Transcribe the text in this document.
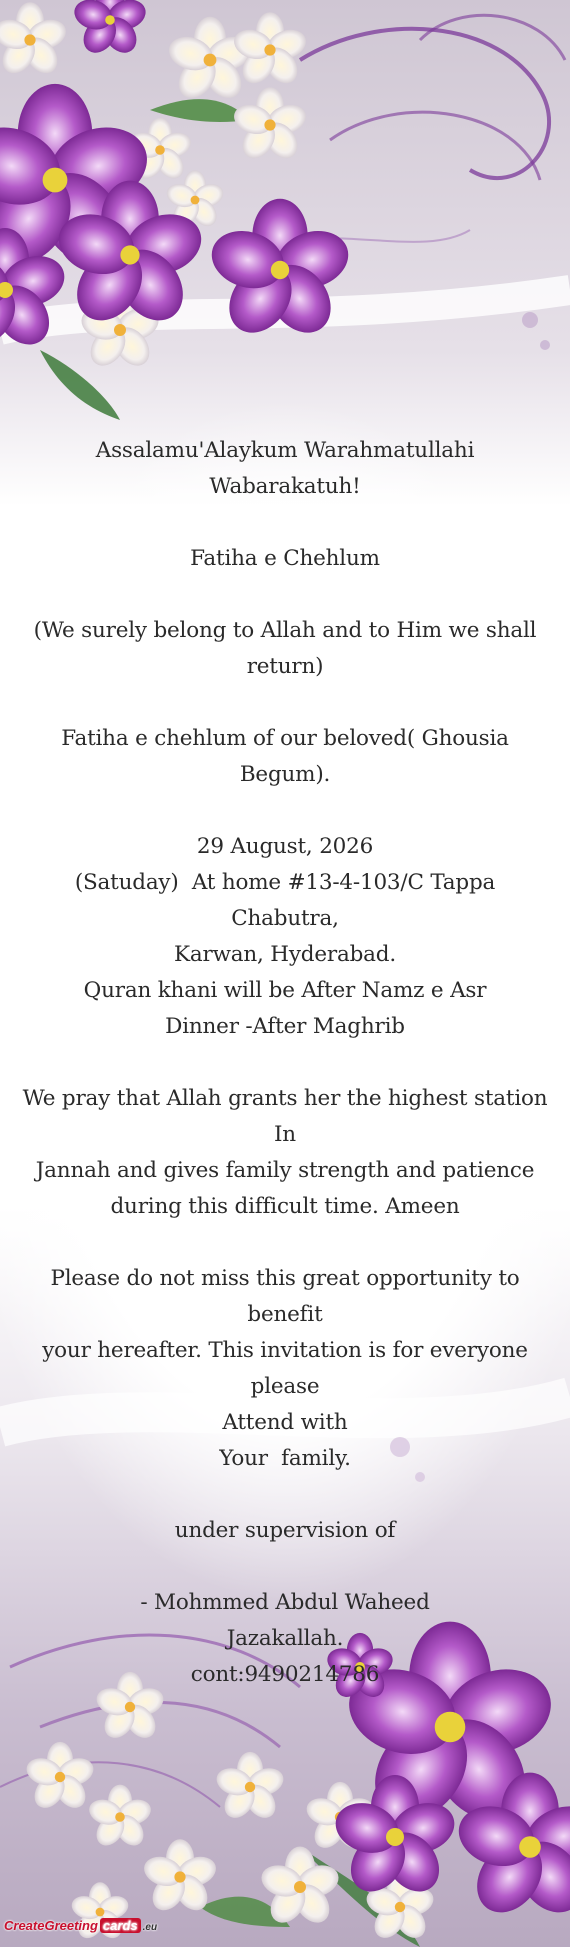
Assalamu'Alaykum Warahmatullahi Wabarakatuh!
Fatiha e Chehlum
(We surely belong to Allah and to Him we shall
return)
Fatiha e chehlum of our beloved( Ghousia Begum).
29 August, 2026
(Satuday)  At home #13-4-103/C Tappa Chabutra,
Karwan, Hyderabad.
Quran khani will be After Namz e Asr
Dinner -After Maghrib
We pray that Allah grants her the highest station In
Jannah and gives family strength and patience
during this difficult time. Ameen
Please do not miss this great opportunity to benefit
your hereafter. This invitation is for everyone please
Attend with
Your  family.
under supervision of
- Mohmmed Abdul Waheed
Jazakallah.
cont:9490214786
CreateGreeting cards .eu
